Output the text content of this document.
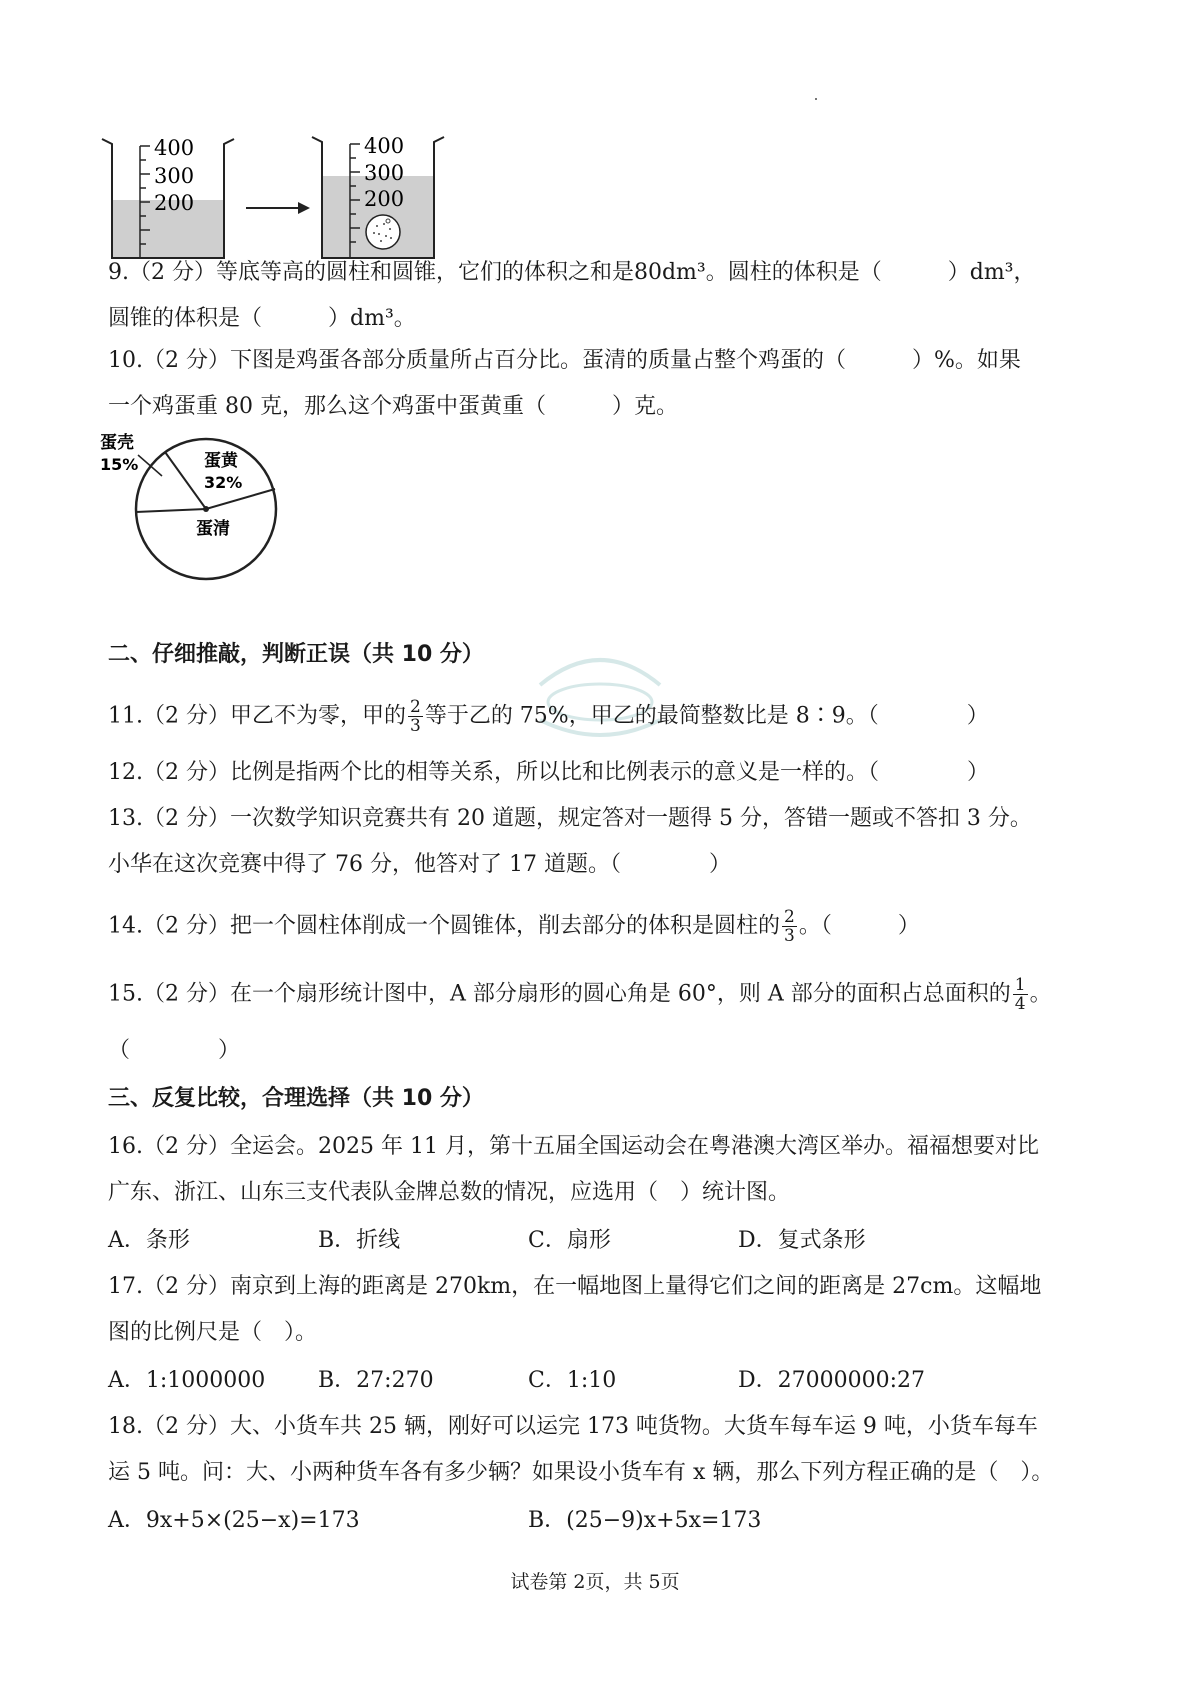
400
300
200
400
300
200
9.（2 分）等底等高的圆柱和圆锥，它们的体积之和是80dm³。圆柱的体积是（　　　）dm³，
圆锥的体积是（　　　）dm³。
10.（2 分）下图是鸡蛋各部分质量所占百分比。蛋清的质量占整个鸡蛋的（　　　）%。如果
一个鸡蛋重 80 克，那么这个鸡蛋中蛋黄重（　　　）克。
蛋壳
15%	蛋黄
32%
蛋清
二、仔细推敲，判断正误（共 10 分）
11.（2 分）甲乙不为零，甲的 $\frac{2}{3}$ 等于乙的 75%，甲乙的最简整数比是 8∶9。（　　　　）
12.（2 分）比例是指两个比的相等关系，所以比和比例表示的意义是一样的。（　　　　）
13.（2 分）一次数学知识竞赛共有 20 道题，规定答对一题得 5 分，答错一题或不答扣 3 分。
小华在这次竞赛中得了 76 分，他答对了 17 道题。（　　　　）
14.（2 分）把一个圆柱体削成一个圆锥体，削去部分的体积是圆柱的 $\frac{2}{3}$ 。（　　　）
15.（2 分）在一个扇形统计图中，A 部分扇形的圆心角是 60°，则 A 部分的面积占总面积的 $\frac{1}{4}$ 。
（　　　　）
三、反复比较，合理选择（共 10 分）
16.（2 分）全运会。2025 年 11 月，第十五届全国运动会在粤港澳大湾区举办。福福想要对比
广东、浙江、山东三支代表队金牌总数的情况，应选用（　）统计图。
A．条形	B．折线	C．扇形	D．复式条形
17.（2 分）南京到上海的距离是 270km，在一幅地图上量得它们之间的距离是 27cm。这幅地
图的比例尺是（　）。
A．1:1000000 B．27:270	C．1:10	D．27000000:27
18.（2 分）大、小货车共 25 辆，刚好可以运完 173 吨货物。大货车每车运 9 吨，小货车每车
运 5 吨。问：大、小两种货车各有多少辆？如果设小货车有 x 辆，那么下列方程正确的是（　）。
A．9x+5×(25−x)=173	B．(25−9)x+5x=173
试卷第 2页，共 5页
